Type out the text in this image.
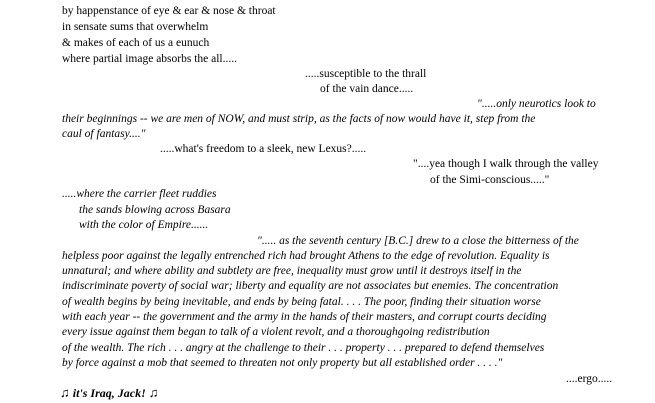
by happenstance of eye & ear & nose & throat
in sensate sums that overwhelm
& makes of each of us a eunuch
where partial image absorbs the all.....
.....susceptible to the thrall
of the vain dance.....
".....only neurotics look to
their beginnings -- we are men of NOW, and must strip, as the facts of now would have it, step from the
caul of fantasy...."
.....what's freedom to a sleek, new Lexus?.....
"....yea though I walk through the valley
of the Simi-conscious....."
.....where the carrier fleet ruddies
the sands blowing across Basara
with the color of Empire......
"..... as the seventh century [B.C.] drew to a close the bitterness of the
helpless poor against the legally entrenched rich had brought Athens to the edge of revolution. Equality is
unnatural; and where ability and subtlety are free, inequality must grow until it destroys itself in the
indiscriminate poverty of social war; liberty and equality are not associates but enemies. The concentration
of wealth begins by being inevitable, and ends by being fatal. . . . The poor, finding their situation worse
with each year -- the government and the army in the hands of their masters, and corrupt courts deciding
every issue against them began to talk of a violent revolt, and a thoroughgoing redistribution
of the wealth. The rich . . . angry at the challenge to their . . . property . . . prepared to defend themselves
by force against a mob that seemed to threaten not only property but all established order . . . ."
....ergo.....
♫ it's Iraq, Jack! ♫
